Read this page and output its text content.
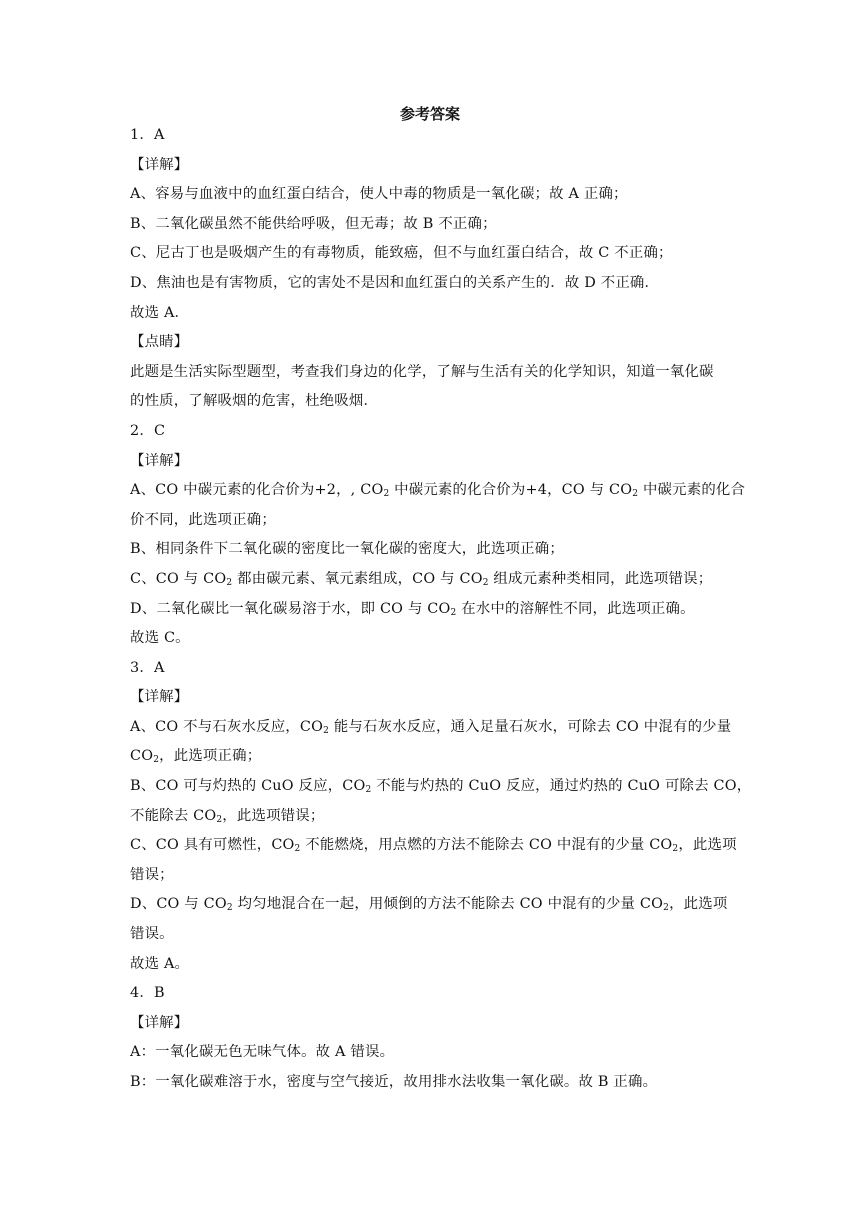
参考答案
1．A
【详解】
A、容易与血液中的血红蛋白结合，使人中毒的物质是一氧化碳；故 A 正确；
B、二氧化碳虽然不能供给呼吸，但无毒；故 B 不正确；
C、尼古丁也是吸烟产生的有毒物质，能致癌，但不与血红蛋白结合，故 C 不正确；
D、焦油也是有害物质，它的害处不是因和血红蛋白的关系产生的．故 D 不正确．
故选 A．
【点睛】
此题是生活实际型题型，考查我们身边的化学，了解与生活有关的化学知识，知道一氧化碳
的性质，了解吸烟的危害，杜绝吸烟．
2．C
【详解】
A、CO 中碳元素的化合价为+2，, $CO_2$ 中碳元素的化合价为+4，CO 与 $CO_2$ 中碳元素的化合
价不同，此选项正确；
B、相同条件下二氧化碳的密度比一氧化碳的密度大，此选项正确；
C、CO 与 $CO_2$ 都由碳元素、氧元素组成，CO 与 $CO_2$ 组成元素种类相同，此选项错误；
D、二氧化碳比一氧化碳易溶于水，即 CO 与 $CO_2$ 在水中的溶解性不同，此选项正确。
故选 C。
3．A
【详解】
A、CO 不与石灰水反应，$CO_2$ 能与石灰水反应，通入足量石灰水，可除去 CO 中混有的少量
$CO_2$，此选项正确；
B、CO 可与灼热的 CuO 反应，$CO_2$ 不能与灼热的 CuO 反应，通过灼热的 CuO 可除去 CO，
不能除去 $CO_2$，此选项错误；
C、CO 具有可燃性，$CO_2$ 不能燃烧，用点燃的方法不能除去 CO 中混有的少量 $CO_2$，此选项
错误；
D、CO 与 $CO_2$ 均匀地混合在一起，用倾倒的方法不能除去 CO 中混有的少量 $CO_2$，此选项
错误。
故选 A。
4．B
【详解】
A：一氧化碳无色无味气体。故 A 错误。
B：一氧化碳难溶于水，密度与空气接近，故用排水法收集一氧化碳。故 B 正确。
